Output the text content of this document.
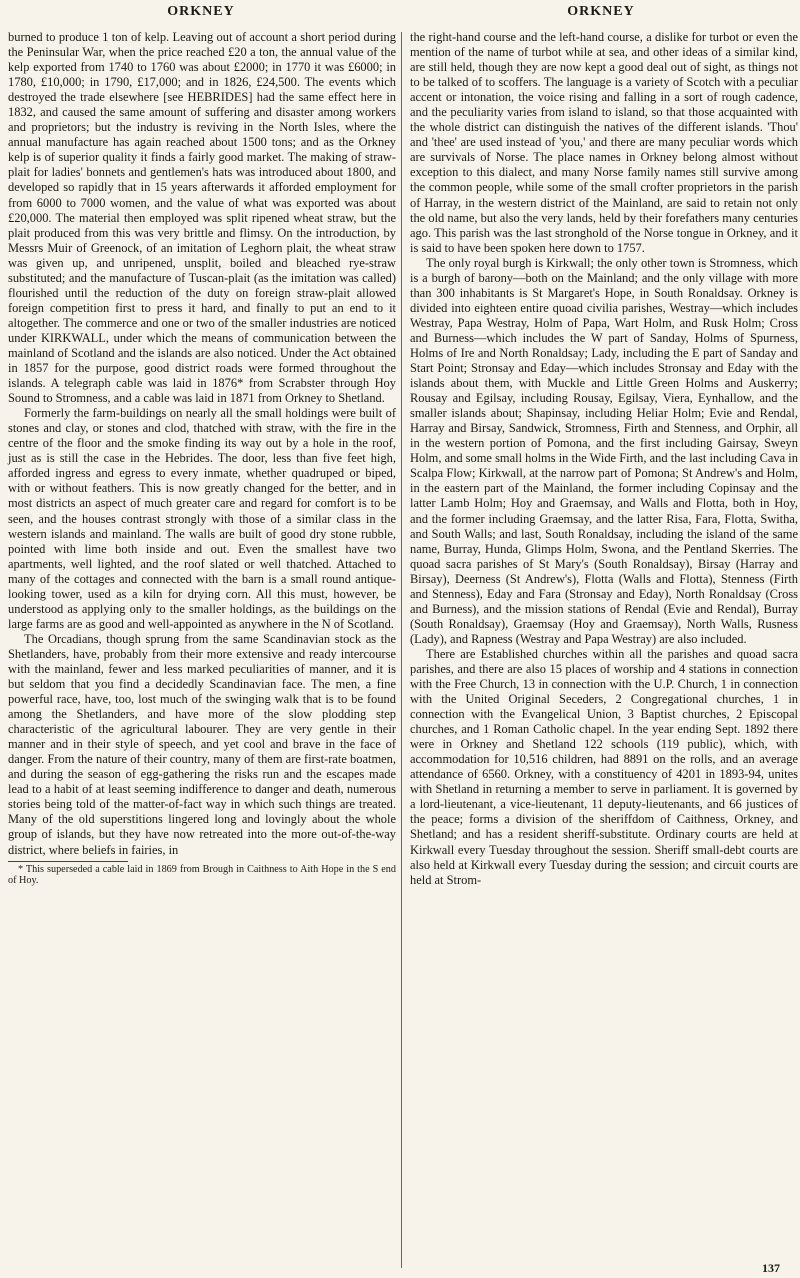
ORKNEY	ORKNEY

burned to produce 1 ton of kelp. Leaving out of account a short period during the Peninsular War, when the price reached £20 a ton, the annual value of the kelp exported from 1740 to 1760 was about £2000; in 1770 it was £6000; in 1780, £10,000; in 1790, £17,000; and in 1826, £24,500. The events which destroyed the trade elsewhere [see HEBRIDES] had the same effect here in 1832, and caused the same amount of suffering and disaster among workers and proprietors; but the industry is reviving in the North Isles, where the annual manufacture has again reached about 1500 tons; and as the Orkney kelp is of superior quality it finds a fairly good market. The making of straw-plait for ladies' bonnets and gentlemen's hats was introduced about 1800, and developed so rapidly that in 15 years afterwards it afforded employment for from 6000 to 7000 women, and the value of what was exported was about £20,000. The material then employed was split ripened wheat straw, but the plait produced from this was very brittle and flimsy. On the introduction, by Messrs Muir of Greenock, of an imitation of Leghorn plait, the wheat straw was given up, and unripened, unsplit, boiled and bleached rye-straw substituted; and the manufacture of Tuscan-plait (as the imitation was called) flourished until the reduction of the duty on foreign straw-plait allowed foreign competition first to press it hard, and finally to put an end to it altogether. The commerce and one or two of the smaller industries are noticed under KIRKWALL, under which the means of communication between the mainland of Scotland and the islands are also noticed. Under the Act obtained in 1857 for the purpose, good district roads were formed throughout the islands. A telegraph cable was laid in 1876* from Scrabster through Hoy Sound to Stromness, and a cable was laid in 1871 from Orkney to Shetland.

Formerly the farm-buildings on nearly all the small holdings were built of stones and clay, or stones and clod, thatched with straw, with the fire in the centre of the floor and the smoke finding its way out by a hole in the roof, just as is still the case in the Hebrides. The door, less than five feet high, afforded ingress and egress to every inmate, whether quadruped or biped, with or without feathers. This is now greatly changed for the better, and in most districts an aspect of much greater care and regard for comfort is to be seen, and the houses contrast strongly with those of a similar class in the western islands and mainland. The walls are built of good dry stone rubble, pointed with lime both inside and out. Even the smallest have two apartments, well lighted, and the roof slated or well thatched. Attached to many of the cottages and connected with the barn is a small round antique-looking tower, used as a kiln for drying corn. All this must, however, be understood as applying only to the smaller holdings, as the buildings on the large farms are as good and well-appointed as anywhere in the N of Scotland.

The Orcadians, though sprung from the same Scandinavian stock as the Shetlanders, have, probably from their more extensive and ready intercourse with the mainland, fewer and less marked peculiarities of manner, and it is but seldom that you find a decidedly Scandinavian face. The men, a fine powerful race, have, too, lost much of the swinging walk that is to be found among the Shetlanders, and have more of the slow plodding step characteristic of the agricultural labourer. They are very gentle in their manner and in their style of speech, and yet cool and brave in the face of danger. From the nature of their country, many of them are first-rate boatmen, and during the season of egg-gathering the risks run and the escapes made lead to a habit of at least seeming indifference to danger and death, numerous stories being told of the matter-of-fact way in which such things are treated. Many of the old superstitions lingered long and lovingly about the whole group of islands, but they have now retreated into the more out-of-the-way district, where beliefs in fairies, in

* This superseded a cable laid in 1869 from Brough in Caithness to Aith Hope in the S end of Hoy.

the right-hand course and the left-hand course, a dislike for turbot or even the mention of the name of turbot while at sea, and other ideas of a similar kind, are still held, though they are now kept a good deal out of sight, as things not to be talked of to scoffers. The language is a variety of Scotch with a peculiar accent or intonation, the voice rising and falling in a sort of rough cadence, and the peculiarity varies from island to island, so that those acquainted with the whole district can distinguish the natives of the different islands. 'Thou' and 'thee' are used instead of 'you,' and there are many peculiar words which are survivals of Norse. The place names in Orkney belong almost without exception to this dialect, and many Norse family names still survive among the common people, while some of the small crofter proprietors in the parish of Harray, in the western district of the Mainland, are said to retain not only the old name, but also the very lands, held by their forefathers many centuries ago. This parish was the last stronghold of the Norse tongue in Orkney, and it is said to have been spoken here down to 1757.

The only royal burgh is Kirkwall; the only other town is Stromness, which is a burgh of barony—both on the Mainland; and the only village with more than 300 inhabitants is St Margaret's Hope, in South Ronaldsay. Orkney is divided into eighteen entire quoad civilia parishes, Westray—which includes Westray, Papa Westray, Holm of Papa, Wart Holm, and Rusk Holm; Cross and Burness—which includes the W part of Sanday, Holms of Spurness, Holms of Ire and North Ronaldsay; Lady, including the E part of Sanday and Start Point; Stronsay and Eday—which includes Stronsay and Eday with the islands about them, with Muckle and Little Green Holms and Auskerry; Rousay and Egilsay, including Rousay, Egilsay, Viera, Eynhallow, and the smaller islands about; Shapinsay, including Heliar Holm; Evie and Rendal, Harray and Birsay, Sandwick, Stromness, Firth and Stenness, and Orphir, all in the western portion of Pomona, and the first including Gairsay, Sweyn Holm, and some small holms in the Wide Firth, and the last including Cava in Scalpa Flow; Kirkwall, at the narrow part of Pomona; St Andrew's and Holm, in the eastern part of the Mainland, the former including Copinsay and the latter Lamb Holm; Hoy and Graemsay, and Walls and Flotta, both in Hoy, and the former including Graemsay, and the latter Risa, Fara, Flotta, Switha, and South Walls; and last, South Ronaldsay, including the island of the same name, Burray, Hunda, Glimps Holm, Swona, and the Pentland Skerries. The quoad sacra parishes of St Mary's (South Ronaldsay), Birsay (Harray and Birsay), Deerness (St Andrew's), Flotta (Walls and Flotta), Stenness (Firth and Stenness), Eday and Fara (Stronsay and Eday), North Ronaldsay (Cross and Burness), and the mission stations of Rendal (Evie and Rendal), Burray (South Ronaldsay), Graemsay (Hoy and Graemsay), North Walls, Rusness (Lady), and Rapness (Westray and Papa Westray) are also included.

There are Established churches within all the parishes and quoad sacra parishes, and there are also 15 places of worship and 4 stations in connection with the Free Church, 13 in connection with the U.P. Church, 1 in connection with the United Original Seceders, 2 Congregational churches, 1 in connection with the Evangelical Union, 3 Baptist churches, 2 Episcopal churches, and 1 Roman Catholic chapel. In the year ending Sept. 1892 there were in Orkney and Shetland 122 schools (119 public), which, with accommodation for 10,516 children, had 8891 on the rolls, and an average attendance of 6560. Orkney, with a constituency of 4201 in 1893-94, unites with Shetland in returning a member to serve in parliament. It is governed by a lord-lieutenant, a vice-lieutenant, 11 deputy-lieutenants, and 66 justices of the peace; forms a division of the sheriffdom of Caithness, Orkney, and Shetland; and has a resident sheriff-substitute. Ordinary courts are held at Kirkwall every Tuesday throughout the session. Sheriff small-debt courts are also held at Kirkwall every Tuesday during the session; and circuit courts are held at Strom-

137
